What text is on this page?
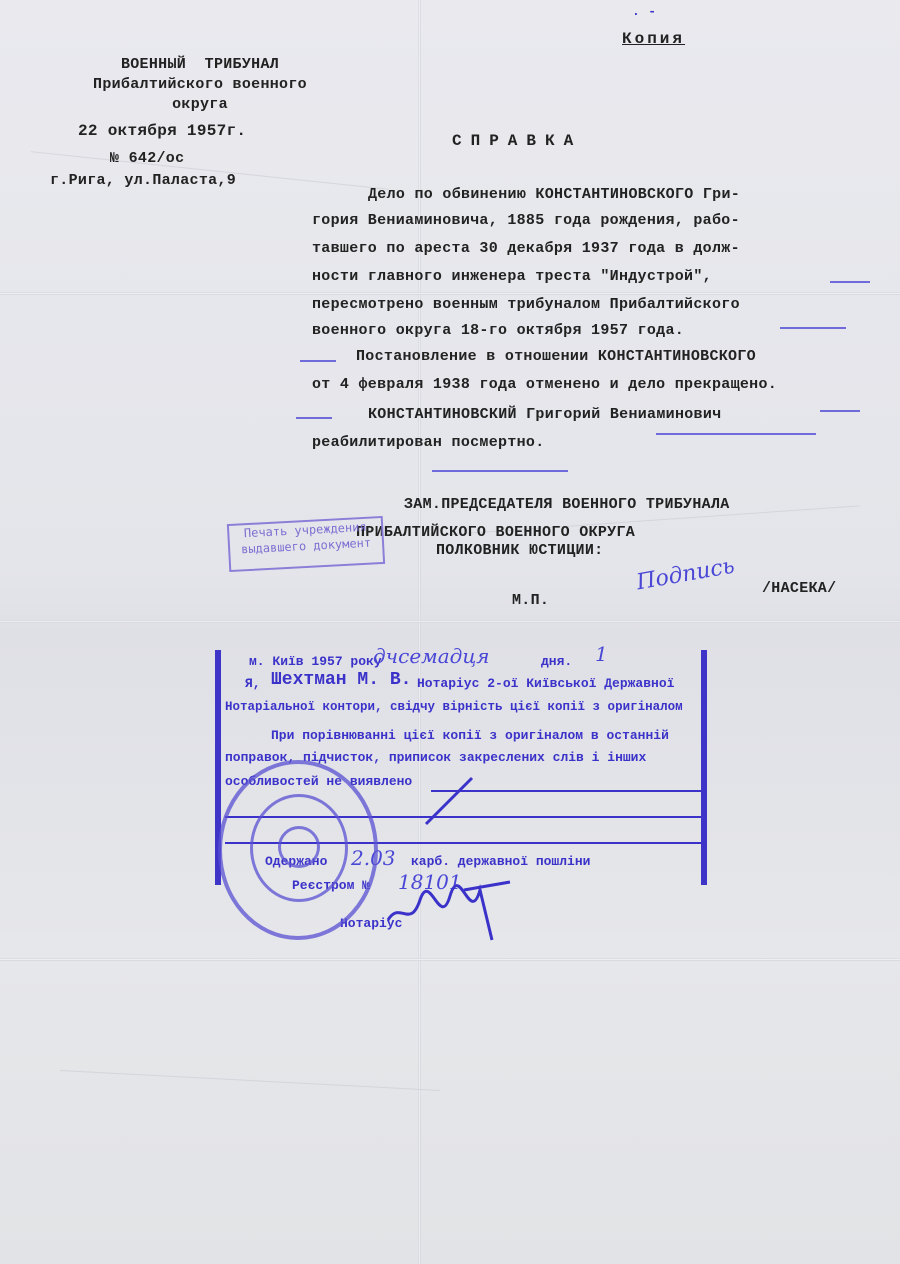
. -
Копия
ВОЕННЫЙ  ТРИБУНАЛ
Прибалтийского военного
округа
22 октября 1957г.
№ 642/ос
г.Рига, ул.Паласта,9
СПРАВКА
Дело по обвинению КОНСТАНТИНОВСКОГО Гри-
гория Вениаминовича, 1885 года рождения, рабо-
тавшего по ареста 30 декабря 1937 года в долж-
ности главного инженера треста "Индустрой",
пересмотрено военным трибуналом Прибалтийского
военного округа 18-го октября 1957 года.
Постановление в отношении КОНСТАНТИНОВСКОГО
от 4 февраля 1938 года отменено и дело прекращено.
КОНСТАНТИНОВСКИЙ Григорий Вениаминович
реабилитирован посмертно.
ЗАМ.ПРЕДСЕДАТЕЛЯ ВОЕННОГО ТРИБУНАЛА
ПРИБАЛТИЙСКОГО ВОЕННОГО ОКРУГА
ПОЛКОВНИК ЮСТИЦИИ:
М.П.
/НАСЕКА/
Подпись
Печать учреждения
выдавшего документ
м. Київ 1957 року
дчсемадця	дня. 1
Я, Шехтман М. В. Нотаріус 2-ої Київської Державної
Нотаріальної контори, свідчу вірність цієї копії з оригіналом
При порівнюванні цієї копії з оригіналом в останній
поправок, підчисток, приписок закреслених слів і інших
особливостей не виявлено
Одержано 2.03 карб. державної пошліни
Реєстром № 18101
Нотаріус
